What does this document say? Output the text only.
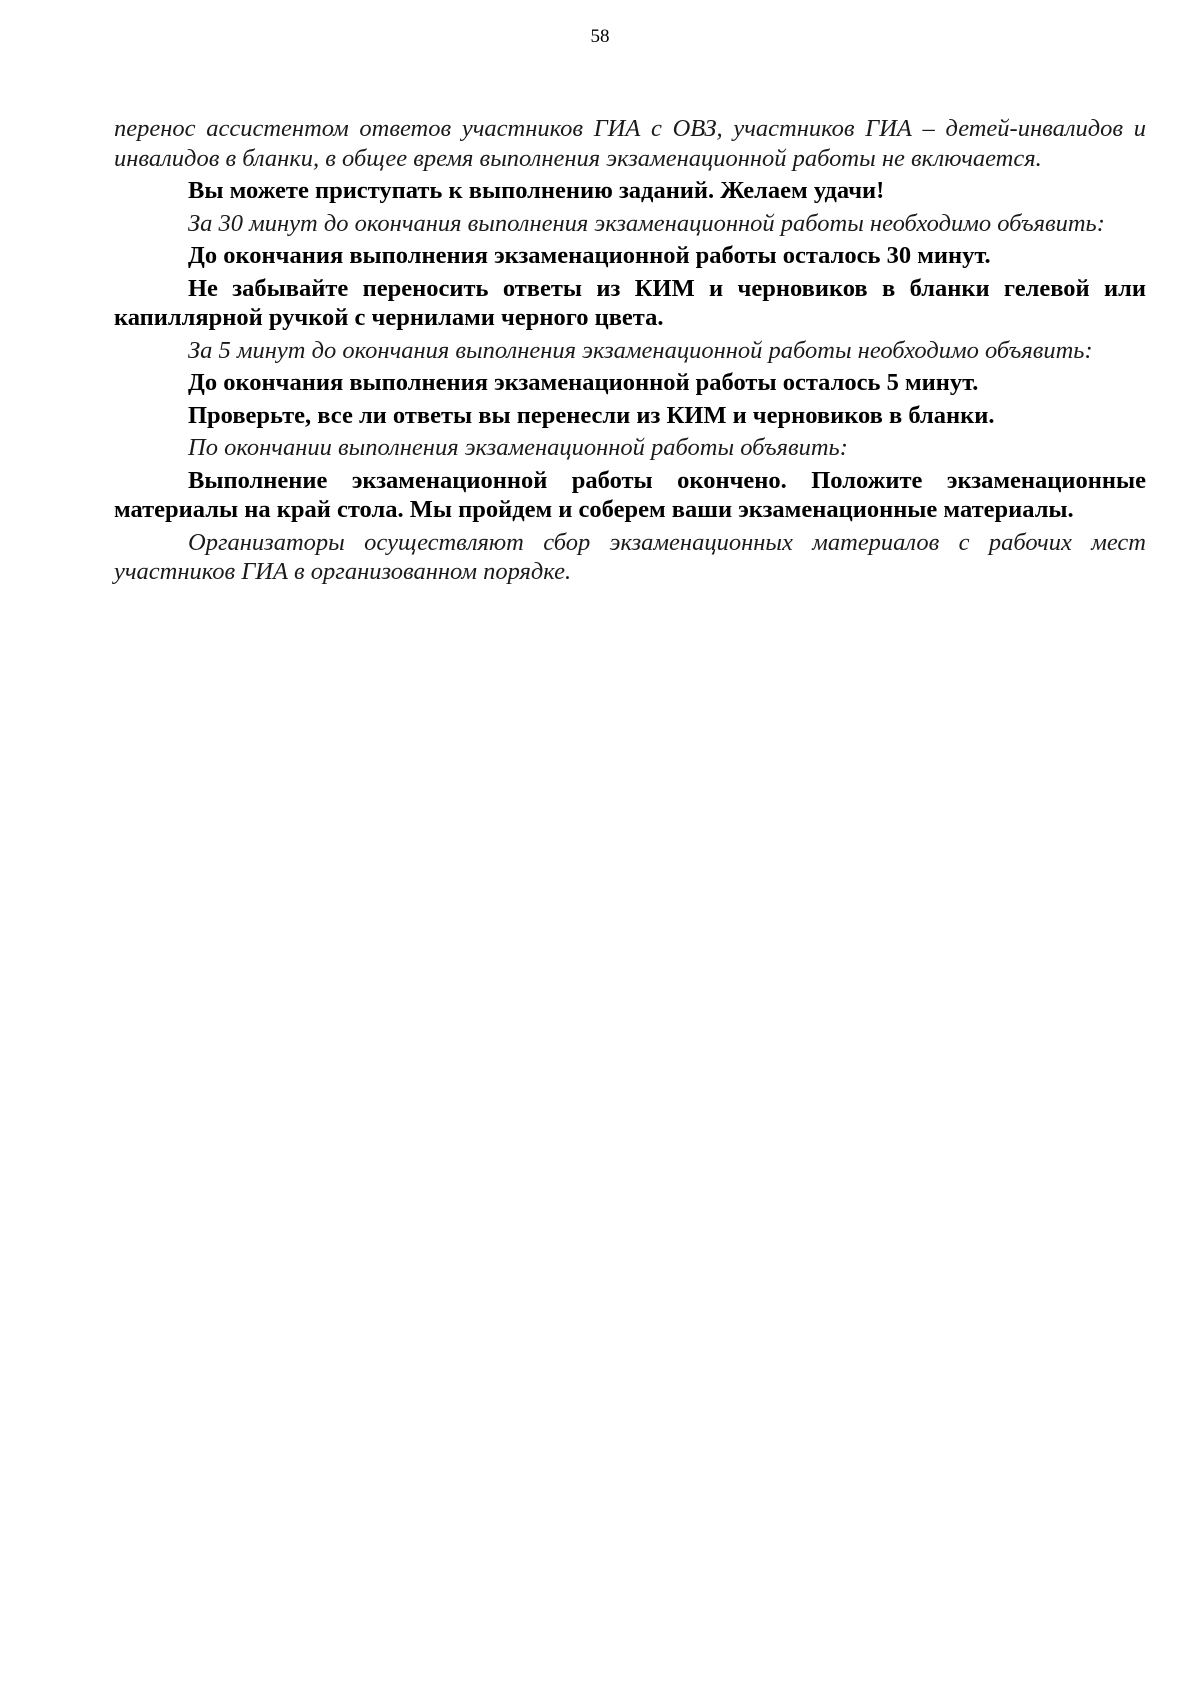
58

перенос ассистентом ответов участников ГИА с ОВЗ, участников ГИА – детей-инвалидов и инвалидов в бланки, в общее время выполнения экзаменационной работы не включается.

Вы можете приступать к выполнению заданий. Желаем удачи!

За 30 минут до окончания выполнения экзаменационной работы необходимо объявить:

До окончания выполнения экзаменационной работы осталось 30 минут.

Не забывайте переносить ответы из КИМ и черновиков в бланки гелевой или капиллярной ручкой с чернилами черного цвета.

За 5 минут до окончания выполнения экзаменационной работы необходимо объявить:

До окончания выполнения экзаменационной работы осталось 5 минут.

Проверьте, все ли ответы вы перенесли из КИМ и черновиков в бланки.

По окончании выполнения экзаменационной работы объявить:

Выполнение экзаменационной работы окончено. Положите экзаменационные материалы на край стола. Мы пройдем и соберем ваши экзаменационные материалы.

Организаторы осуществляют сбор экзаменационных материалов с рабочих мест участников ГИА в организованном порядке.
